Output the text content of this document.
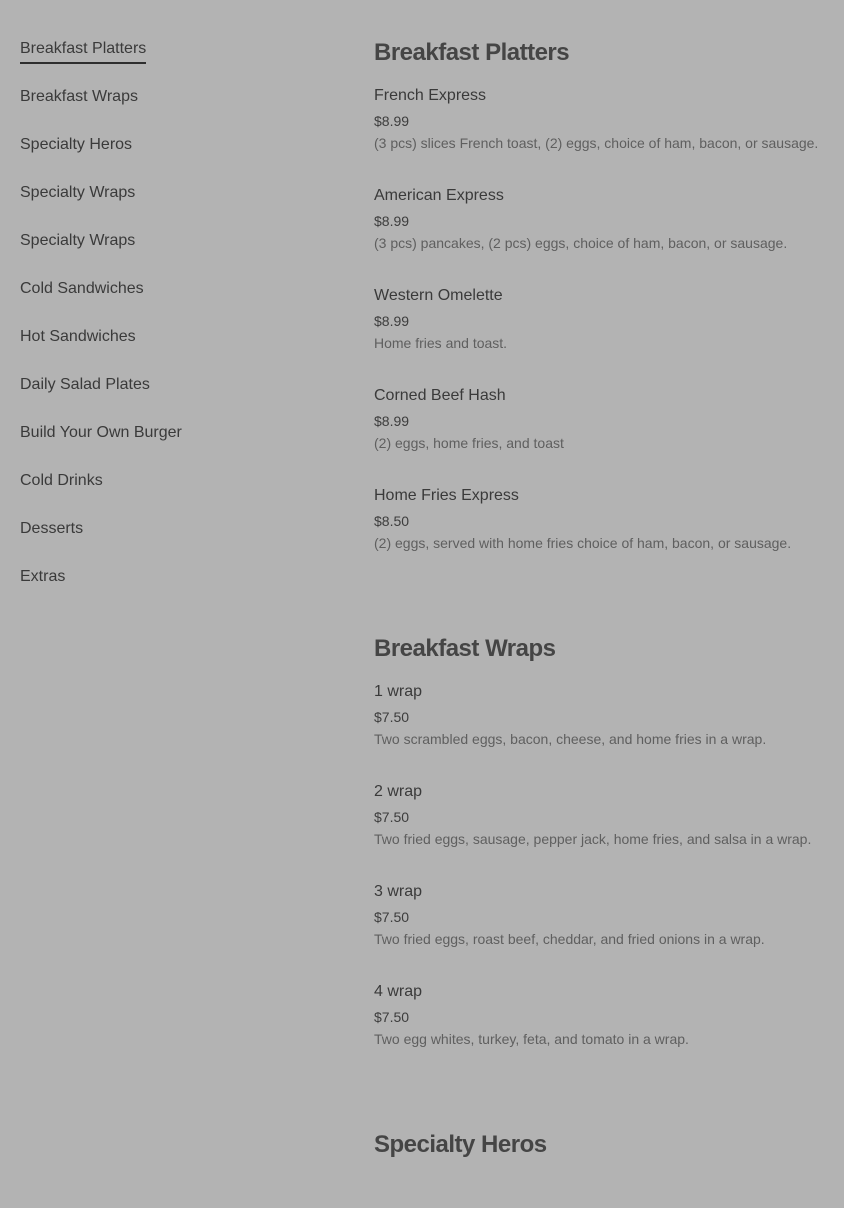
Breakfast Platters
Breakfast Wraps
Specialty Heros
Specialty Wraps
Specialty Wraps
Cold Sandwiches
Hot Sandwiches
Daily Salad Plates
Build Your Own Burger
Cold Drinks
Desserts
Extras
Breakfast Platters
French Express
$8.99
(3 pcs) slices French toast, (2) eggs, choice of ham, bacon, or sausage.
American Express
$8.99
(3 pcs) pancakes, (2 pcs) eggs, choice of ham, bacon, or sausage.
Western Omelette
$8.99
Home fries and toast.
Corned Beef Hash
$8.99
(2) eggs, home fries, and toast
Home Fries Express
$8.50
(2) eggs, served with home fries choice of ham, bacon, or sausage.
Breakfast Wraps
1 wrap
$7.50
Two scrambled eggs, bacon, cheese, and home fries in a wrap.
2 wrap
$7.50
Two fried eggs, sausage, pepper jack, home fries, and salsa in a wrap.
3 wrap
$7.50
Two fried eggs, roast beef, cheddar, and fried onions in a wrap.
4 wrap
$7.50
Two egg whites, turkey, feta, and tomato in a wrap.
Specialty Heros
